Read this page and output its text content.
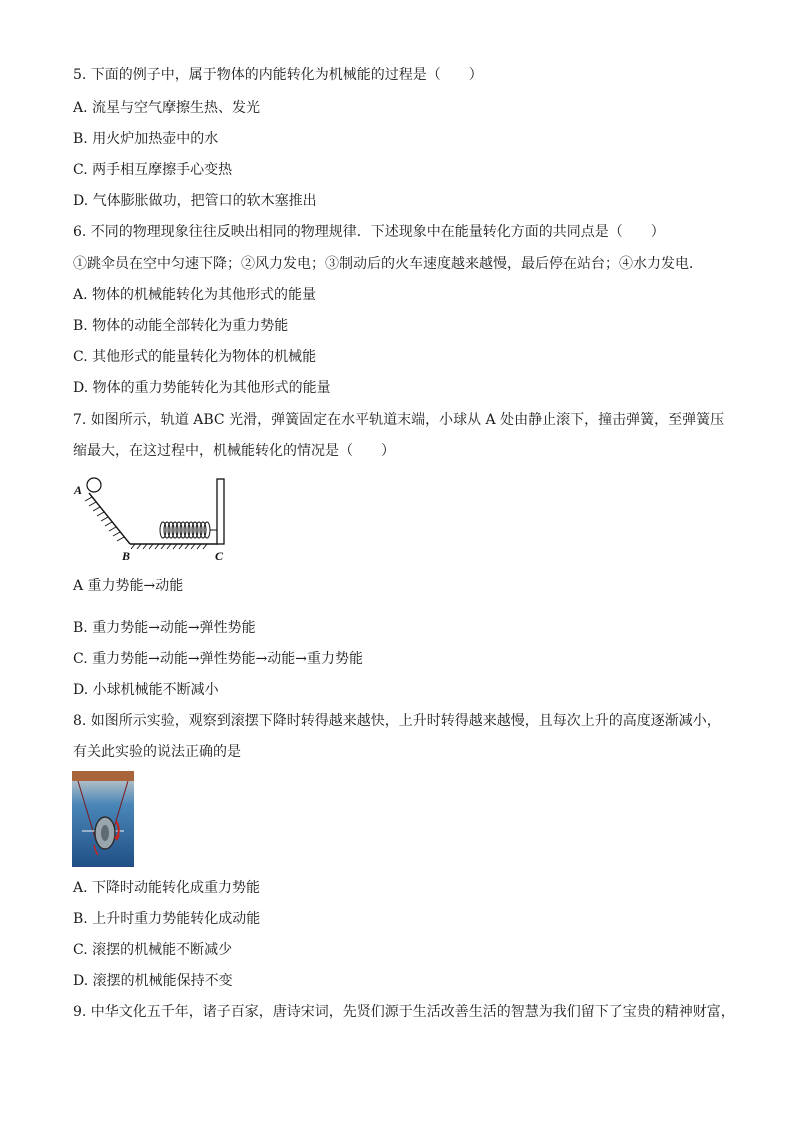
5. 下面的例子中，属于物体的内能转化为机械能的过程是（　　）
A. 流星与空气摩擦生热、发光
B. 用火炉加热壶中的水
C. 两手相互摩擦手心变热
D. 气体膨胀做功，把管口的软木塞推出
6. 不同的物理现象往往反映出相同的物理规律．下述现象中在能量转化方面的共同点是（　　）
①跳伞员在空中匀速下降；②风力发电；③制动后的火车速度越来越慢，最后停在站台；④水力发电．
A. 物体的机械能转化为其他形式的能量
B. 物体的动能全部转化为重力势能
C. 其他形式的能量转化为物体的机械能
D. 物体的重力势能转化为其他形式的能量
7. 如图所示，轨道 ABC 光滑，弹簧固定在水平轨道末端，小球从 A 处由静止滚下，撞击弹簧，至弹簧压
缩最大，在这过程中，机械能转化的情况是（　　）
A
B	C
A 重力势能→动能
B. 重力势能→动能→弹性势能
C. 重力势能→动能→弹性势能→动能→重力势能
D. 小球机械能不断减小
8. 如图所示实验，观察到滚摆下降时转得越来越快，上升时转得越来越慢，且每次上升的高度逐渐减小，
有关此实验的说法正确的是
A. 下降时动能转化成重力势能
B. 上升时重力势能转化成动能
C. 滚摆的机械能不断减少
D. 滚摆的机械能保持不变
9. 中华文化五千年，诸子百家，唐诗宋词，先贤们源于生活改善生活的智慧为我们留下了宝贵的精神财富，
